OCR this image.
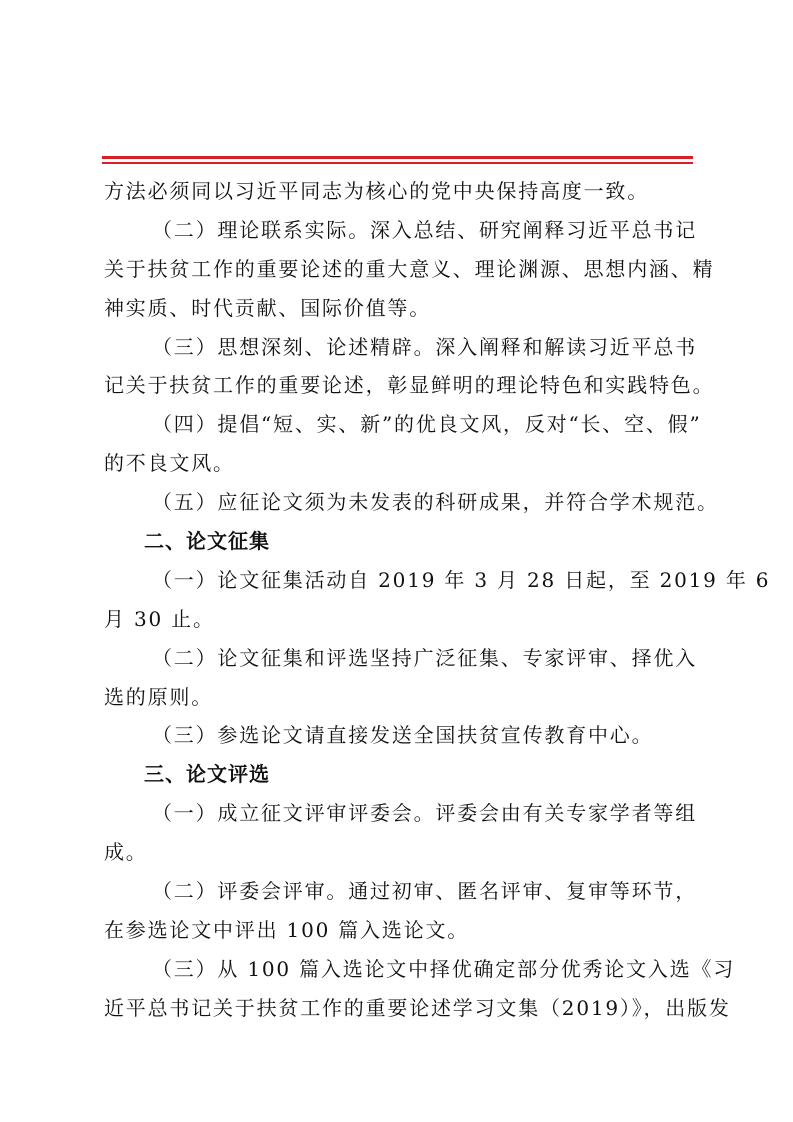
方法必须同以习近平同志为核心的党中央保持高度一致。
（二）理论联系实际。深入总结、研究阐释习近平总书记
关于扶贫工作的重要论述的重大意义、理论渊源、思想内涵、精
神实质、时代贡献、国际价值等。
（三）思想深刻、论述精辟。深入阐释和解读习近平总书
记关于扶贫工作的重要论述，彰显鲜明的理论特色和实践特色。
（四）提倡“短、实、新”的优良文风，反对“长、空、假”
的不良文风。
（五）应征论文须为未发表的科研成果，并符合学术规范。
二、论文征集
（一）论文征集活动自 2019 年 3 月 28 日起，至 2019 年 6
月 30 止。
（二）论文征集和评选坚持广泛征集、专家评审、择优入
选的原则。
（三）参选论文请直接发送全国扶贫宣传教育中心。
三、论文评选
（一）成立征文评审评委会。评委会由有关专家学者等组
成。
（二）评委会评审。通过初审、匿名评审、复审等环节，
在参选论文中评出 100 篇入选论文。
（三）从 100 篇入选论文中择优确定部分优秀论文入选《习
近平总书记关于扶贫工作的重要论述学习文集（2019）》，出版发
